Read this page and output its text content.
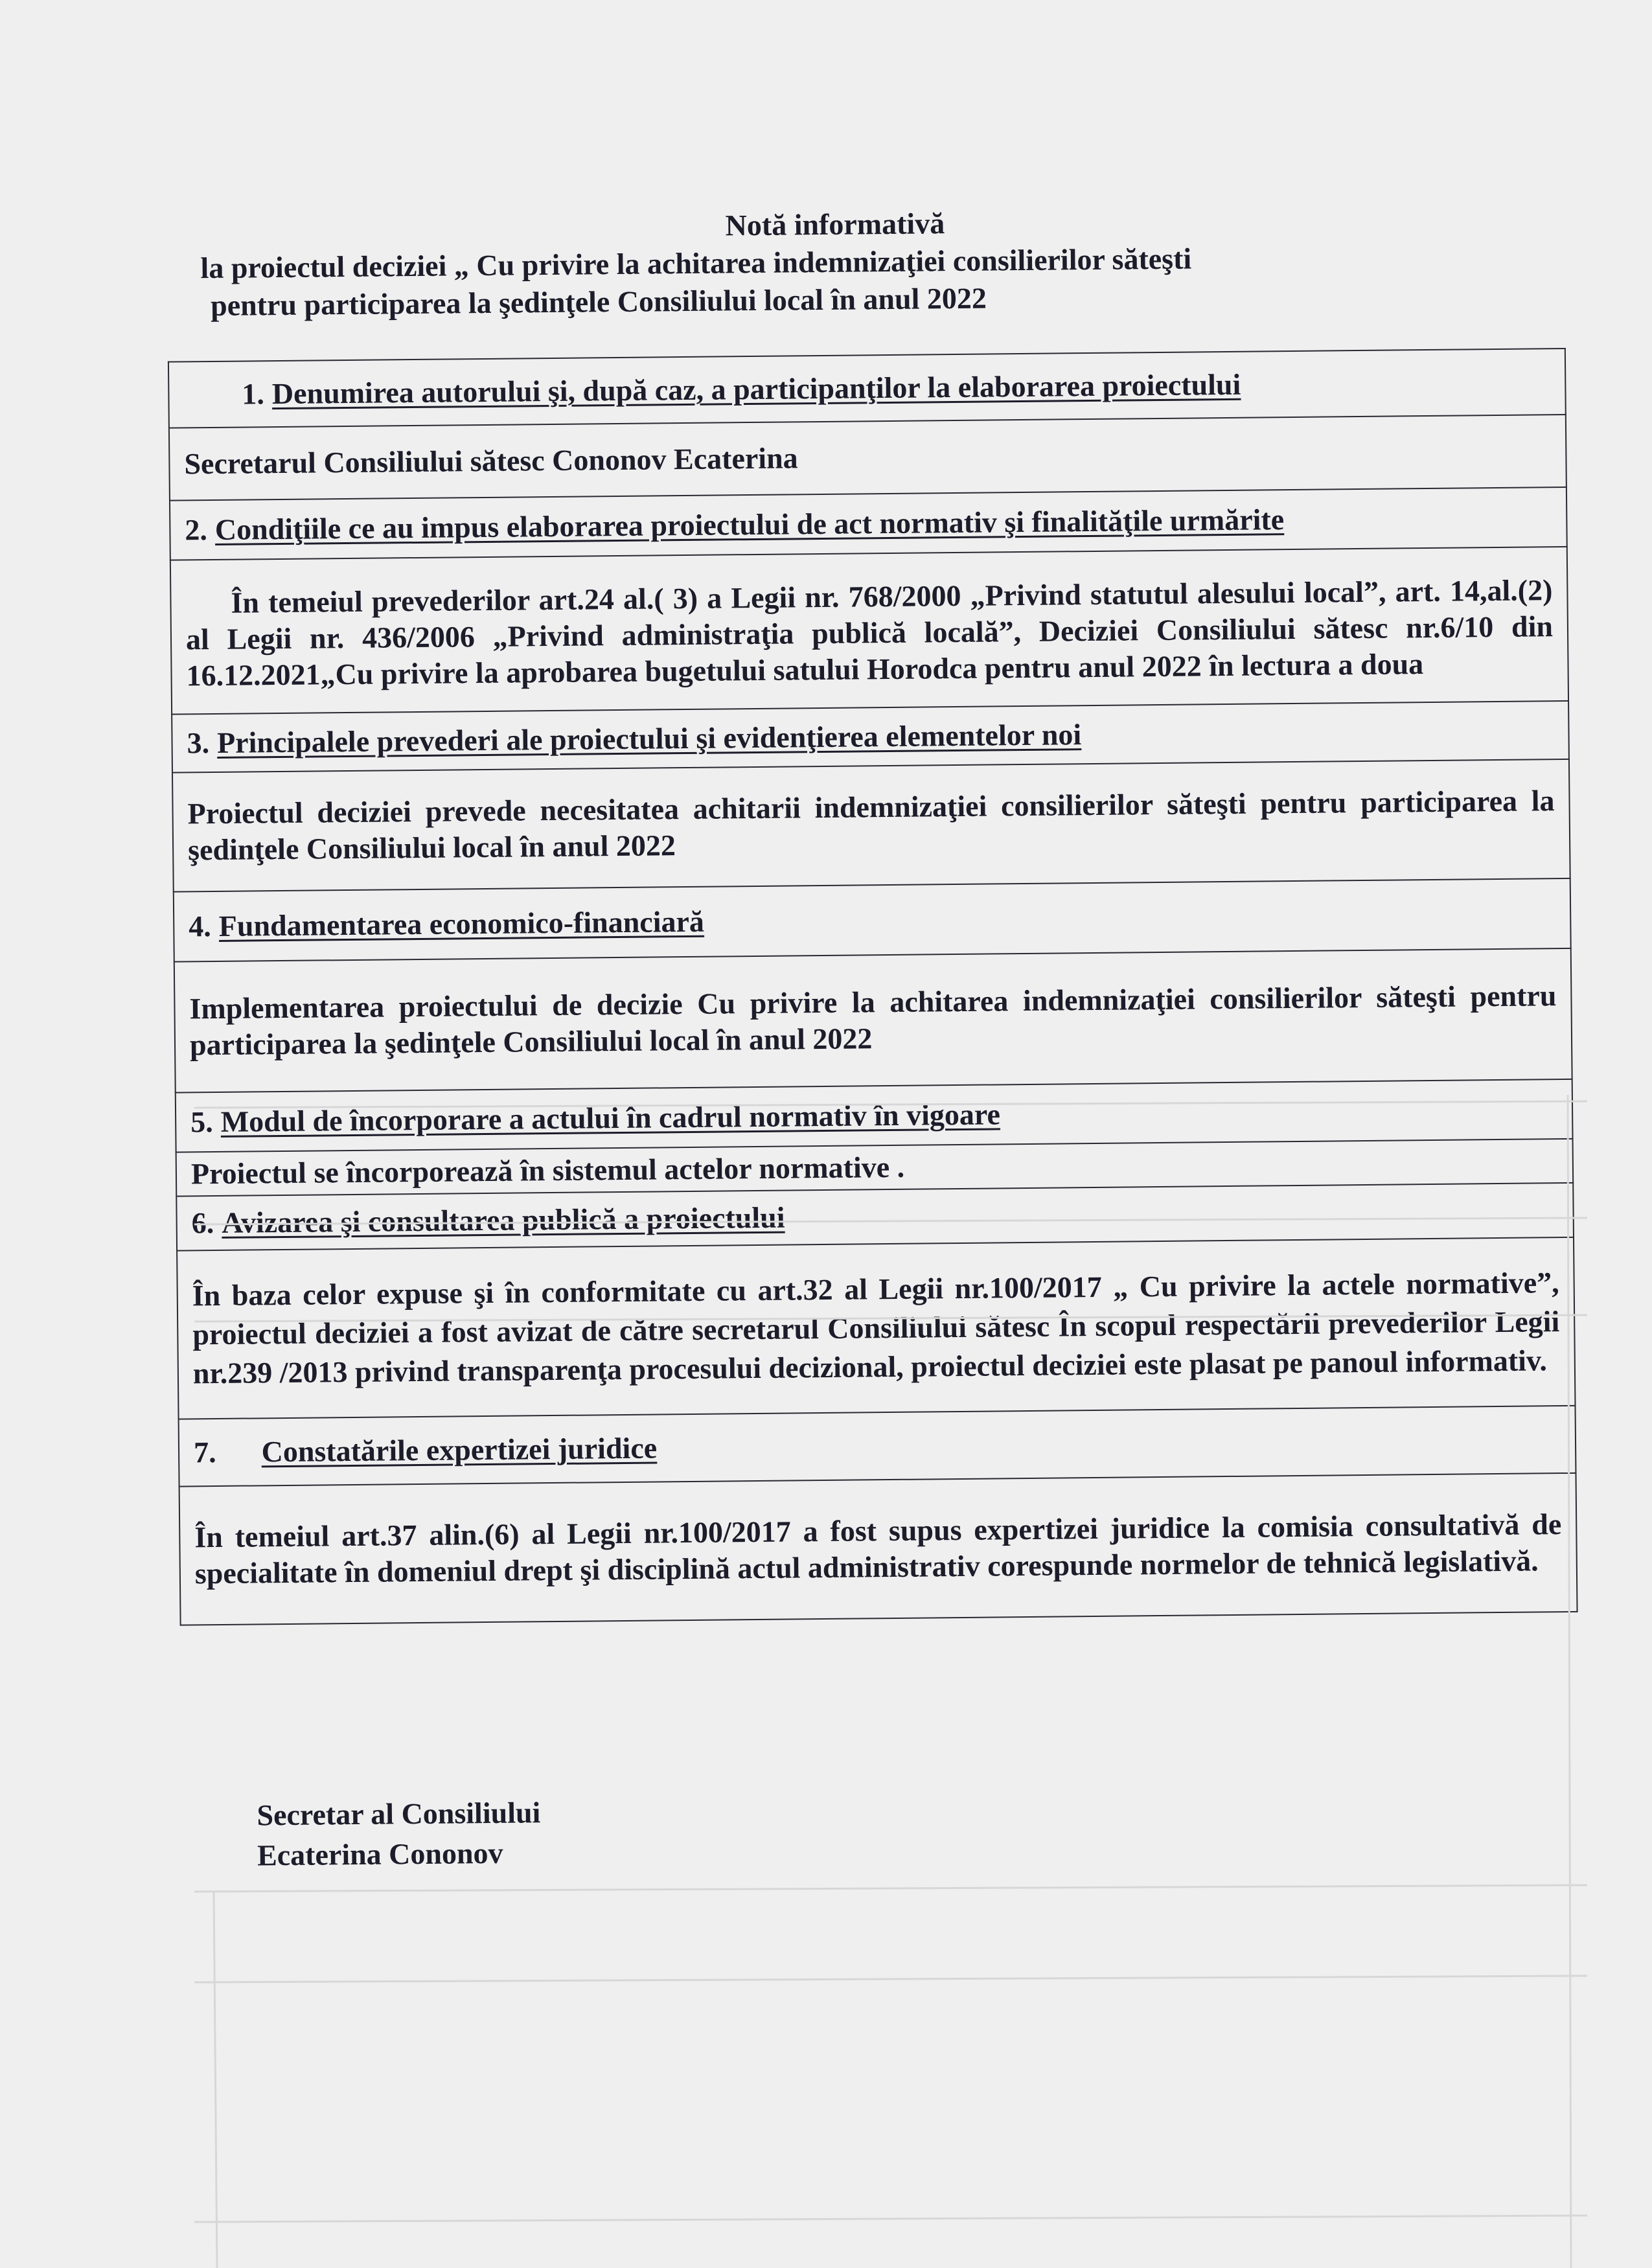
Notă informativă
la proiectul deciziei „ Cu privire la achitarea indemnizaţiei consilierilor săteşti
pentru participarea la şedinţele Consiliului local în anul 2022
1. Denumirea autorului şi, după caz, a participanţilor la elaborarea proiectului
Secretarul Consiliului sătesc Cononov Ecaterina
2. Condiţiile ce au impus elaborarea proiectului de act normativ şi finalităţile urmărite
În temeiul prevederilor art.24 al.( 3) a Legii nr. 768/2000 „Privind statutul alesului local”, art. 14,al.(2) al Legii nr. 436/2006 „Privind administraţia publică locală”, Deciziei Consiliului sătesc nr.6/10 din 16.12.2021„Cu privire la aprobarea bugetului satului Horodca pentru anul 2022 în lectura a doua
3. Principalele prevederi ale proiectului şi evidenţierea elementelor noi
Proiectul deciziei prevede necesitatea achitarii indemnizaţiei consilierilor săteşti pentru participarea la şedinţele Consiliului local în anul 2022
4. Fundamentarea economico-financiară
Implementarea proiectului de decizie Cu privire la achitarea indemnizaţiei consilierilor săteşti pentru participarea la şedinţele Consiliului local în anul 2022
5. Modul de încorporare a actului în cadrul normativ în vigoare
Proiectul se încorporează în sistemul actelor normative .
6. Avizarea şi consultarea publică a proiectului
În baza celor expuse şi în conformitate cu art.32 al Legii nr.100/2017 „ Cu privire la actele normative”, proiectul deciziei a fost avizat de către secretarul Consiliului sătesc În scopul respectării prevederilor Legii nr.239 /2013 privind transparenţa procesului decizional, proiectul deciziei este plasat pe panoul informativ.
7. Constatările expertizei juridice
În temeiul art.37 alin.(6) al Legii nr.100/2017 a fost supus expertizei juridice la comisia consultativă de specialitate în domeniul drept şi disciplină actul administrativ corespunde normelor de tehnică legislativă.
Secretar al Consiliului
Ecaterina Cononov
